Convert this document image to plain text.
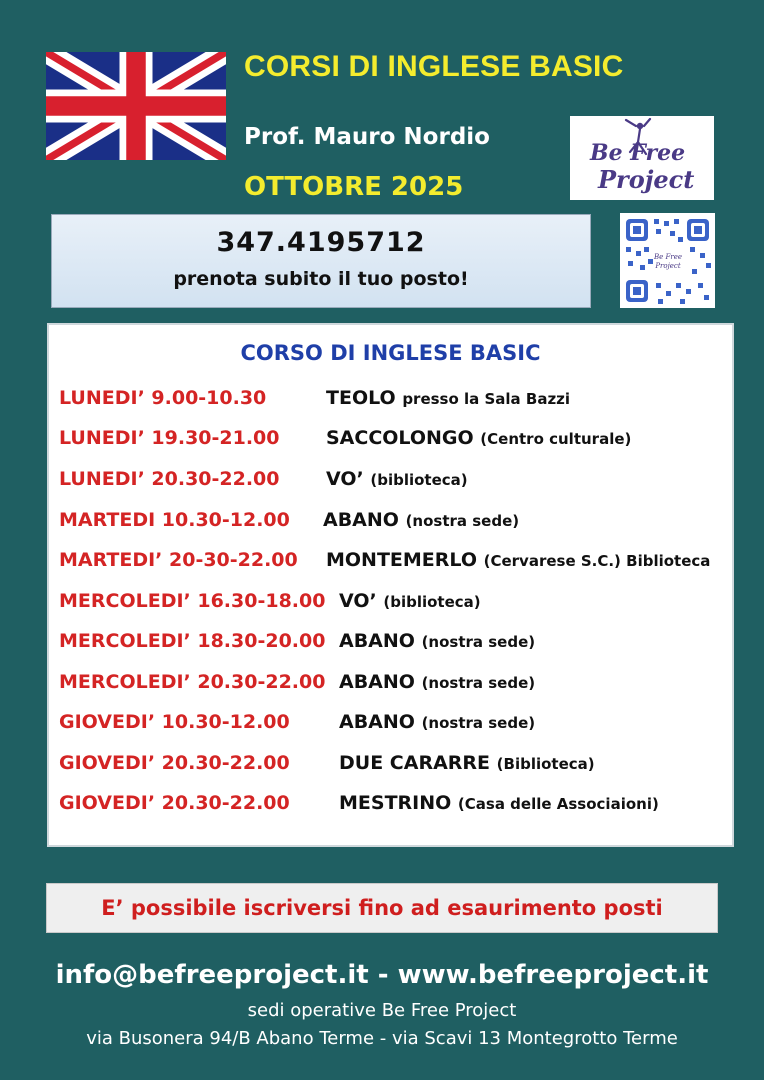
CORSI DI INGLESE BASIC
Prof. Mauro Nordio
OTTOBRE 2025
Be Free
Project
Be Free
Project
347.4195712
prenota subito il tuo posto!
CORSO DI INGLESE BASIC
LUNEDI’ 9.00-10.30	TEOLO presso la Sala Bazzi
LUNEDI’ 19.30-21.00 SACCOLONGO (Centro culturale)
LUNEDI’ 20.30-22.00 VO’ (biblioteca)
MARTEDI 10.30-12.00 ABANO (nostra sede)
MARTEDI’ 20-30-22.00 MONTEMERLO (Cervarese S.C.) Biblioteca
MERCOLEDI’ 16.30-18.00 VO’ (biblioteca)
MERCOLEDI’ 18.30-20.00 ABANO (nostra sede)
MERCOLEDI’ 20.30-22.00 ABANO (nostra sede)
GIOVEDI’ 10.30-12.00	ABANO (nostra sede)
GIOVEDI’ 20.30-22.00	DUE CARARRE (Biblioteca)
GIOVEDI’ 20.30-22.00	MESTRINO (Casa delle Associaioni)
E’ possibile iscriversi fino ad esaurimento posti
info@befreeproject.it - www.befreeproject.it
sedi operative Be Free Project
via Busonera 94/B Abano Terme - via Scavi 13 Montegrotto Terme
